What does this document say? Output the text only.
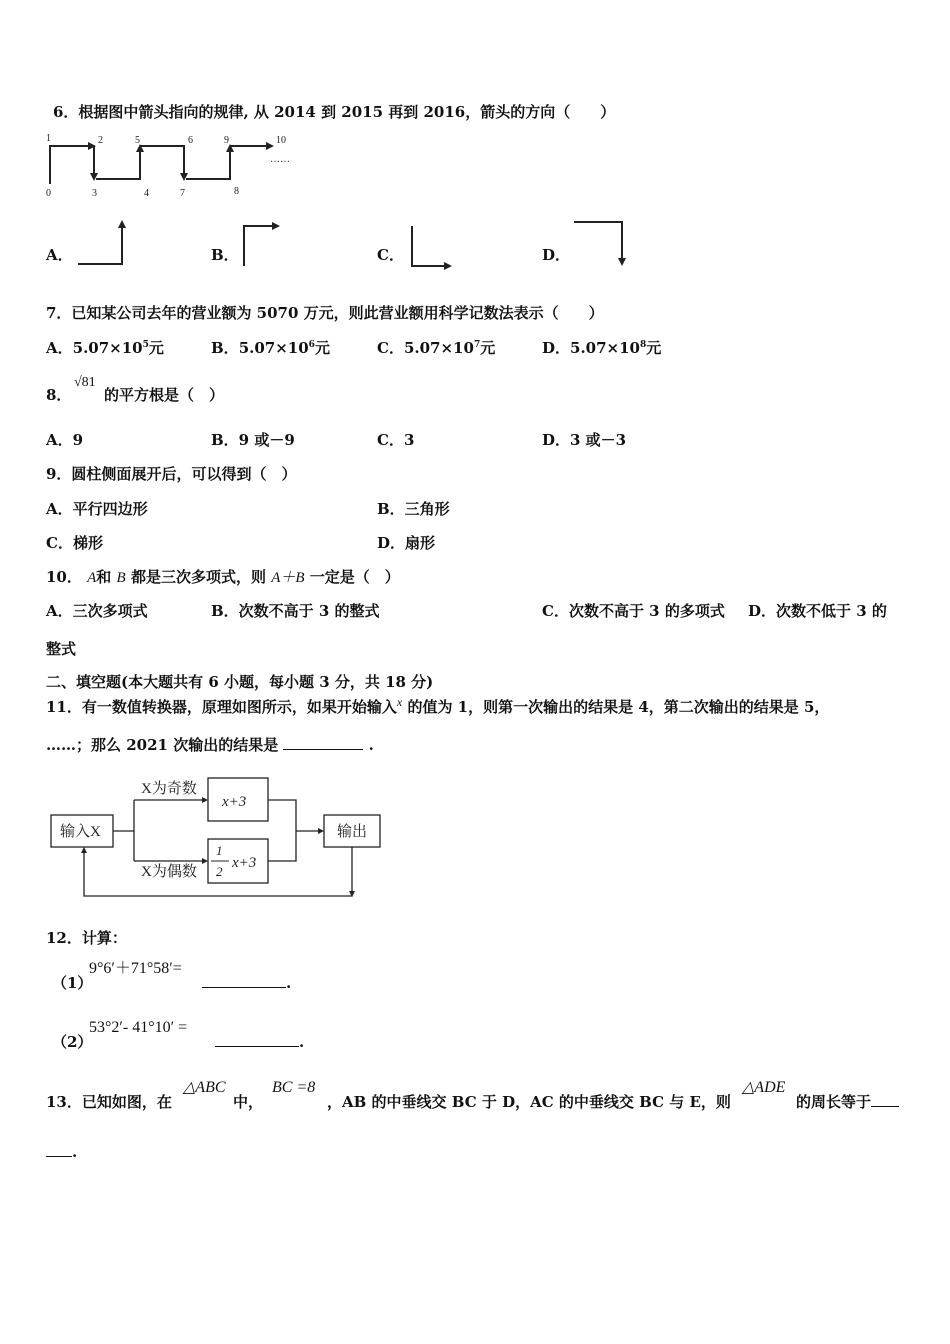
6．根据图中箭头指向的规律, 从 2014 到 2015 再到 2016，箭头的方向（　　）
0
1	2
3	4
5	6
7	8
9	10
……
A．	B．	C．	D．
7．已知某公司去年的营业额为 5070 万元，则此营业额用科学记数法表示（　　）
A．$5.07\times 10^5$元	B．$5.07\times 10^6$元	C．$5.07\times 10^7$元	D．$5.07\times 10^8$元
8．
√81
的平方根是（　）
A．9	B．9 或－9	C．3	D．3 或－3
9．圆柱侧面展开后，可以得到（　）
A．平行四边形	B．三角形
C．梯形	D．扇形
10． A和 B 都是三次多项式，则 A＋B 一定是（　）
A．三次多项式	B．次数不高于 3 的整式	C．次数不高于 3 的多项式 D．次数不低于 3 的
整式
二、填空题(本大题共有 6 小题，每小题 3 分，共 18 分)
11．有一数值转换器，原理如图所示，如果开始输入$^x$ 的值为 1，则第一次输出的结果是 4，第二次输出的结果是 5，
……；那么 2021 次输出的结果是	.
输入X
X为奇数
X为偶数
x+3
1
2
x+3
输出
12．计算：
（1）
9°6′＋71°58′=
.
（2）
53°2′- 41°10′ =
.
13．已知如图，在
△ABC
中，
BC =8
，AB 的中垂线交 BC 于 D，AC 的中垂线交 BC 与 E，则
△ADE
的周长等于
.
